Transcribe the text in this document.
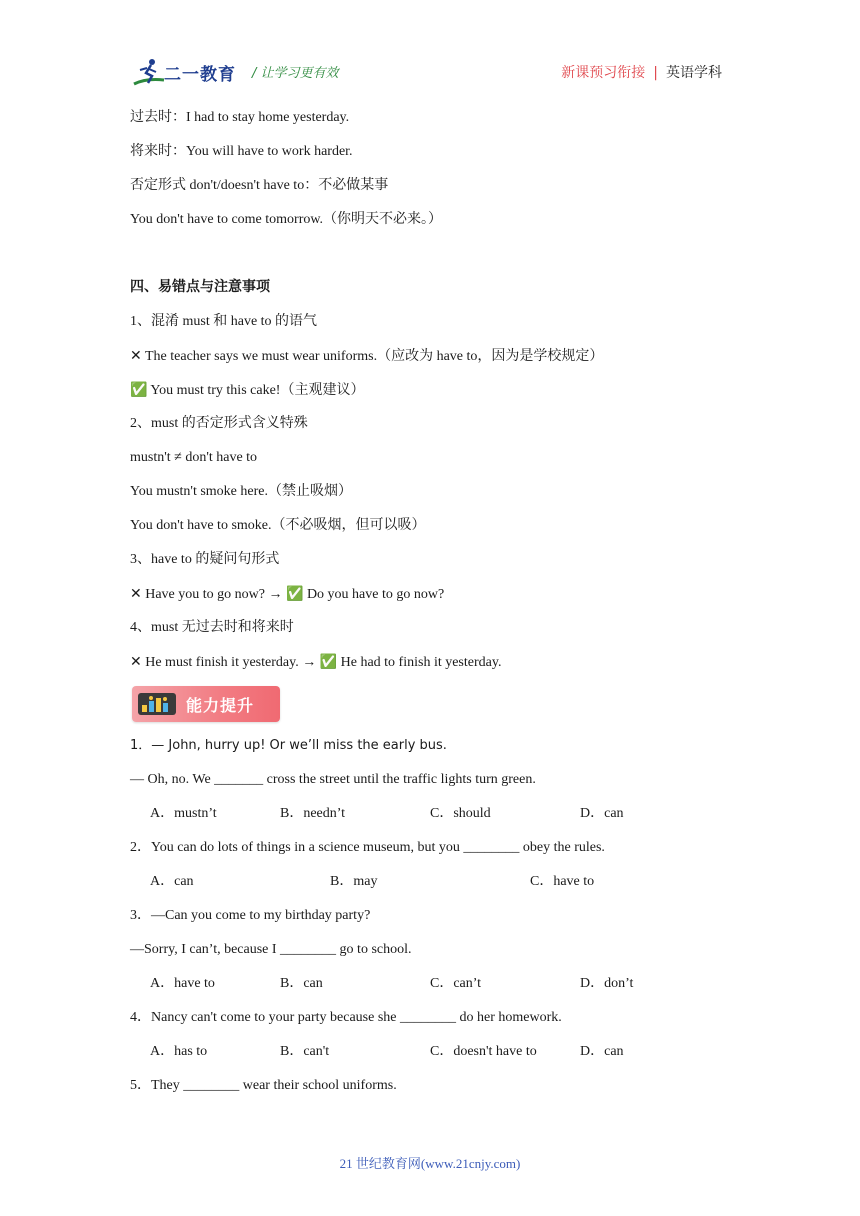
二一教育 / 让学习更有效	新课预习衔接 | 英语学科
过去时：I had to stay home yesterday.
将来时：You will have to work harder.
否定形式 don't/doesn't have to：不必做某事
You don't have to come tomorrow.（你明天不必来。）
四、易错点与注意事项
1、混淆 must 和 have to 的语气
✕ The teacher says we must wear uniforms.（应改为 have to，因为是学校规定）
✅ You must try this cake!（主观建议）
2、must 的否定形式含义特殊
mustn't ≠ don't have to
You mustn't smoke here.（禁止吸烟）
You don't have to smoke.（不必吸烟，但可以吸）
3、have to 的疑问句形式
✕ Have you to go now? → ✅ Do you have to go now?
4、must 无过去时和将来时
✕ He must finish it yesterday. → ✅ He had to finish it yesterday.
能力提升
1．— John, hurry up! Or we’ll miss the early bus.
— Oh, no. We _______ cross the street until the traffic lights turn green.
A．mustn’t	B．needn’t	C．should	D．can
2．You can do lots of things in a science museum, but you ________ obey the rules.
A．can	B．may	C．have to
3．—Can you come to my birthday party?
—Sorry, I can’t, because I ________ go to school.
A．have to	B．can	C．can’t	D．don’t
4．Nancy can't come to your party because she ________ do her homework.
A．has to	B．can't	C．doesn't have to	D．can
5．They ________ wear their school uniforms.
21 世纪教育网(www.21cnjy.com)
